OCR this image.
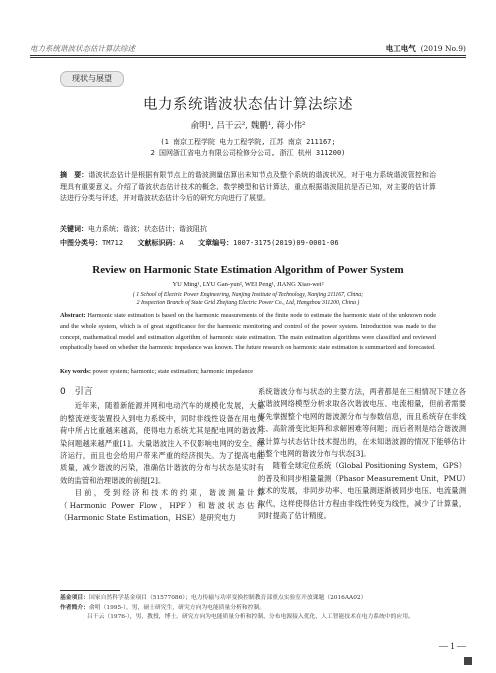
电力系统谐波状态估计算法综述	电工电气 (2019 No.9)
现状与展望
电力系统谐波状态估计算法综述
俞明¹, 吕干云², 魏鹏¹, 蒋小伟²
(1 南京工程学院 电力工程学院, 江苏 南京 211167;
2 国网浙江省电力有限公司检修分公司, 浙江 杭州 311200)
摘　要：谐波状态估计是根据有限节点上的谐波测量估算出未知节点及整个系统的谐波状况，对于电力系统谐波管控和治理具有重要意义。介绍了谐波状态估计技术的概念、数学模型和估计算法，重点根据谐波阻抗是否已知，对主要的估计算法进行分类与评述，并对谐波状态估计今后的研究方向进行了展望。
关键词：电力系统；谐波；状态估计；谐波阻抗
中图分类号：TM712 文献标识码：A 文章编号：1007-3175(2019)09-0001-06
Review on Harmonic State Estimation Algorithm of Power System
YU Ming¹, LYU Gan-yun², WEI Peng¹, JIANG Xiao-wei²
( 1 School of Electric Power Engineering, Nanjing Institute of Technology, Nanjing 211167, China;
2 Inspection Branch of State Grid Zhejiang Electric Power Co., Ltd, Hangzhou 311200, China )
Abstract: Harmonic state estimation is based on the harmonic measurements of the finite node to estimate the harmonic state of the unknown node and the whole system, which is of great significance for the harmonic monitoring and control of the power system. Introduction was made to the concept, mathematical model and estimation algorithm of harmonic state estimation. The main estimation algorithms were classified and reviewed emphatically based on whether the harmonic impedance was known. The future research on harmonic state estimation is summarized and forecasted.
Key words: power system; harmonic; state estimation; harmonic impedance
0　引言

近年来，随着新能源并网和电动汽车的规模化发展，大量的整流逆变装置投入到电力系统中，同时非线性设备在用电负荷中所占比重越来越高，使得电力系统尤其是配电网的谐波污染问题越来越严重[1]。大量谐波注入不仅影响电网的安全、经济运行，而且也会给用户带来严重的经济损失。为了提高电能质量，减少谐波的污染，准确估计谐波的分布与状态是实时有效的监管和治理谐波的前提[2]。

目前，受到经济和技术的约束，谐波测量计算（Harmonic Power Flow，HPF）和谐波状态估计（Harmonic State Estimation，HSE）是研究电力

系统谐波分布与状态的主要方法，两者都是在三相情况下建立各次谐波网络模型分析求取各次谐波电压、电流相量，但前者需要事先掌握整个电网的谐波源分布与参数信息，而且系统存在非线性、高阶滑变比矩阵和求解困难等问题；而后者则是结合谐波测量计算与状态估计技术提出的，在未知谐波源的情况下能够估计出整个电网的谐波分布与状态[3]。

随着全球定位系统（Global Positioning System，GPS）的普及和同步相量量测（Phasor Measurement Unit，PMU）技术的发展，非同步功率、电压量测逐渐被同步电压、电流量测取代，这样使得估计方程由非线性转变为线性，减少了计算量，同时提高了估计精度。

基金项目：国家自然科学基金项目（51577086）；电力传输与功率变换控制教育部重点实验室开放课题（2016AA02）
作者简介：俞明（1995-），男，硕士研究生，研究方向为电能质量分析和控制。
吕干云（1976-），男，教授，博士，研究方向为电能质量分析和控制、分布电源接入优化、人工智能技术在电力系统中的应用。
— 1 —
